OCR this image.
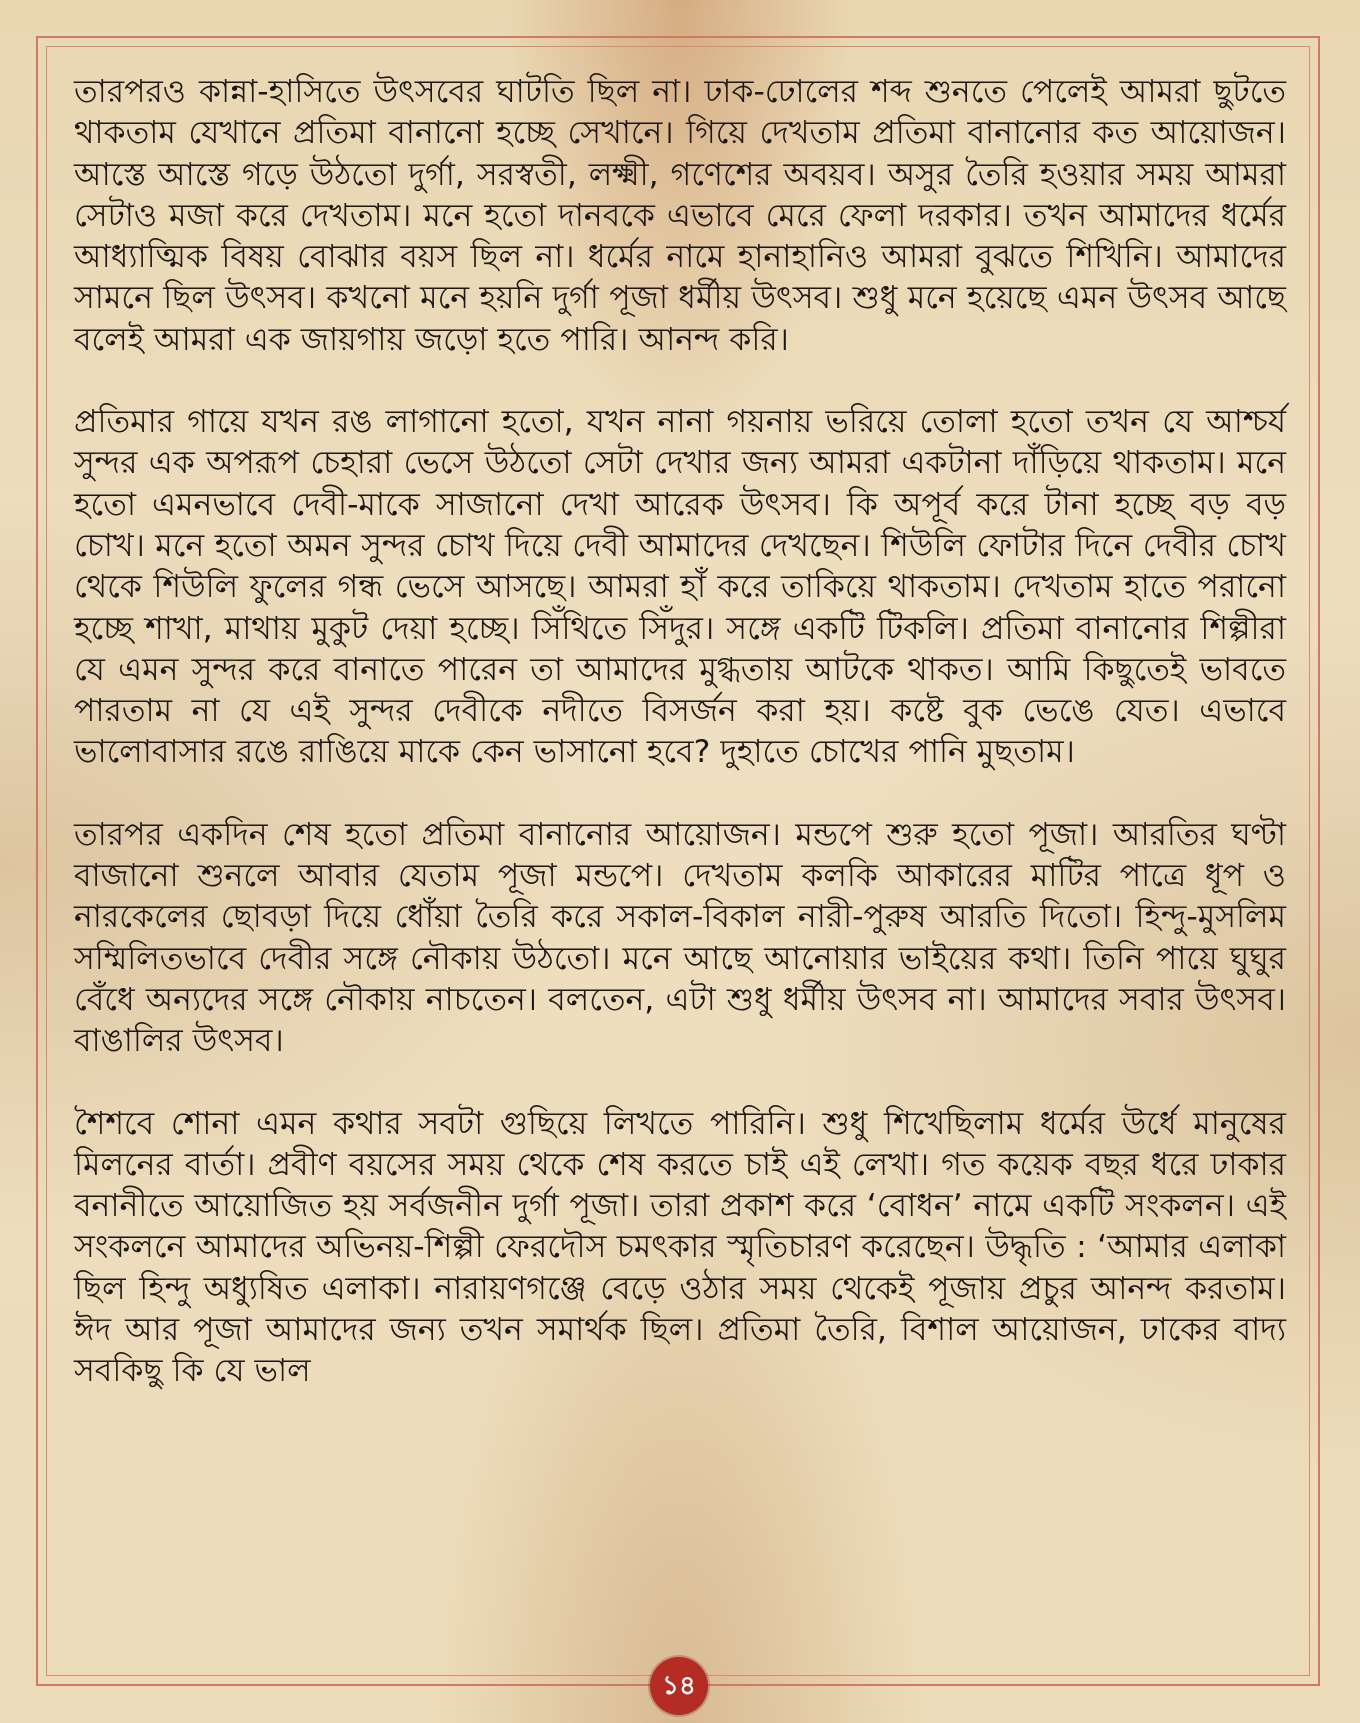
তারপরও কান্না-হাসিতে উৎসবের ঘাটতি ছিল না। ঢাক-ঢোলের শব্দ শুনতে পেলেই আমরা ছুটতে থাকতাম যেখানে প্রতিমা বানানো হচ্ছে সেখানে। গিয়ে দেখতাম প্রতিমা বানানোর কত আয়োজন। আস্তে আস্তে গড়ে উঠতো দুর্গা, সরস্বতী, লক্ষ্মী, গণেশের অবয়ব। অসুর তৈরি হওয়ার সময় আমরা সেটাও মজা করে দেখতাম। মনে হতো দানবকে এভাবে মেরে ফেলা দরকার। তখন আমাদের ধর্মের আধ্যাত্মিক বিষয় বোঝার বয়স ছিল না। ধর্মের নামে হানাহানিও আমরা বুঝতে শিখিনি। আমাদের সামনে ছিল উৎসব। কখনো মনে হয়নি দুর্গা পূজা ধর্মীয় উৎসব। শুধু মনে হয়েছে এমন উৎসব আছে বলেই আমরা এক জায়গায় জড়ো হতে পারি। আনন্দ করি।

প্রতিমার গায়ে যখন রঙ লাগানো হতো, যখন নানা গয়নায় ভরিয়ে তোলা হতো তখন যে আশ্চর্য সুন্দর এক অপরূপ চেহারা ভেসে উঠতো সেটা দেখার জন্য আমরা একটানা দাঁড়িয়ে থাকতাম। মনে হতো এমনভাবে দেবী-মাকে সাজানো দেখা আরেক উৎসব। কি অপূর্ব করে টানা হচ্ছে বড় বড় চোখ। মনে হতো অমন সুন্দর চোখ দিয়ে দেবী আমাদের দেখছেন। শিউলি ফোটার দিনে দেবীর চোখ থেকে শিউলি ফুলের গন্ধ ভেসে আসছে। আমরা হাঁ করে তাকিয়ে থাকতাম। দেখতাম হাতে পরানো হচ্ছে শাখা, মাথায় মুকুট দেয়া হচ্ছে। সিঁথিতে সিঁদুর। সঙ্গে একটি টিকলি। প্রতিমা বানানোর শিল্পীরা যে এমন সুন্দর করে বানাতে পারেন তা আমাদের মুগ্ধতায় আটকে থাকত। আমি কিছুতেই ভাবতে পারতাম না যে এই সুন্দর দেবীকে নদীতে বিসর্জন করা হয়। কষ্টে বুক ভেঙে যেত। এভাবে ভালোবাসার রঙে রাঙিয়ে মাকে কেন ভাসানো হবে? দুহাতে চোখের পানি মুছতাম।

তারপর একদিন শেষ হতো প্রতিমা বানানোর আয়োজন। মন্ডপে শুরু হতো পূজা। আরতির ঘণ্টা বাজানো শুনলে আবার যেতাম পূজা মন্ডপে। দেখতাম কলকি আকারের মাটির পাত্রে ধূপ ও নারকেলের ছোবড়া দিয়ে ধোঁয়া তৈরি করে সকাল-বিকাল নারী-পুরুষ আরতি দিতো। হিন্দু-মুসলিম সম্মিলিতভাবে দেবীর সঙ্গে নৌকায় উঠতো। মনে আছে আনোয়ার ভাইয়ের কথা। তিনি পায়ে ঘুঘুর বেঁধে অন্যদের সঙ্গে নৌকায় নাচতেন। বলতেন, এটা শুধু ধর্মীয় উৎসব না। আমাদের সবার উৎসব। বাঙালির উৎসব।

শৈশবে শোনা এমন কথার সবটা গুছিয়ে লিখতে পারিনি। শুধু শিখেছিলাম ধর্মের উর্ধে মানুষের মিলনের বার্তা। প্রবীণ বয়সের সময় থেকে শেষ করতে চাই এই লেখা। গত কয়েক বছর ধরে ঢাকার বনানীতে আয়োজিত হয় সর্বজনীন দুর্গা পূজা। তারা প্রকাশ করে ‘বোধন’ নামে একটি সংকলন। এই সংকলনে আমাদের অভিনয়-শিল্পী ফেরদৌস চমৎকার স্মৃতিচারণ করেছেন। উদ্ধৃতি : ‘আমার এলাকা ছিল হিন্দু অধ্যুষিত এলাকা। নারায়ণগঞ্জে বেড়ে ওঠার সময় থেকেই পূজায় প্রচুর আনন্দ করতাম। ঈদ আর পূজা আমাদের জন্য তখন সমার্থক ছিল। প্রতিমা তৈরি, বিশাল আয়োজন, ঢাকের বাদ্য সবকিছু কি যে ভাল

১৪
